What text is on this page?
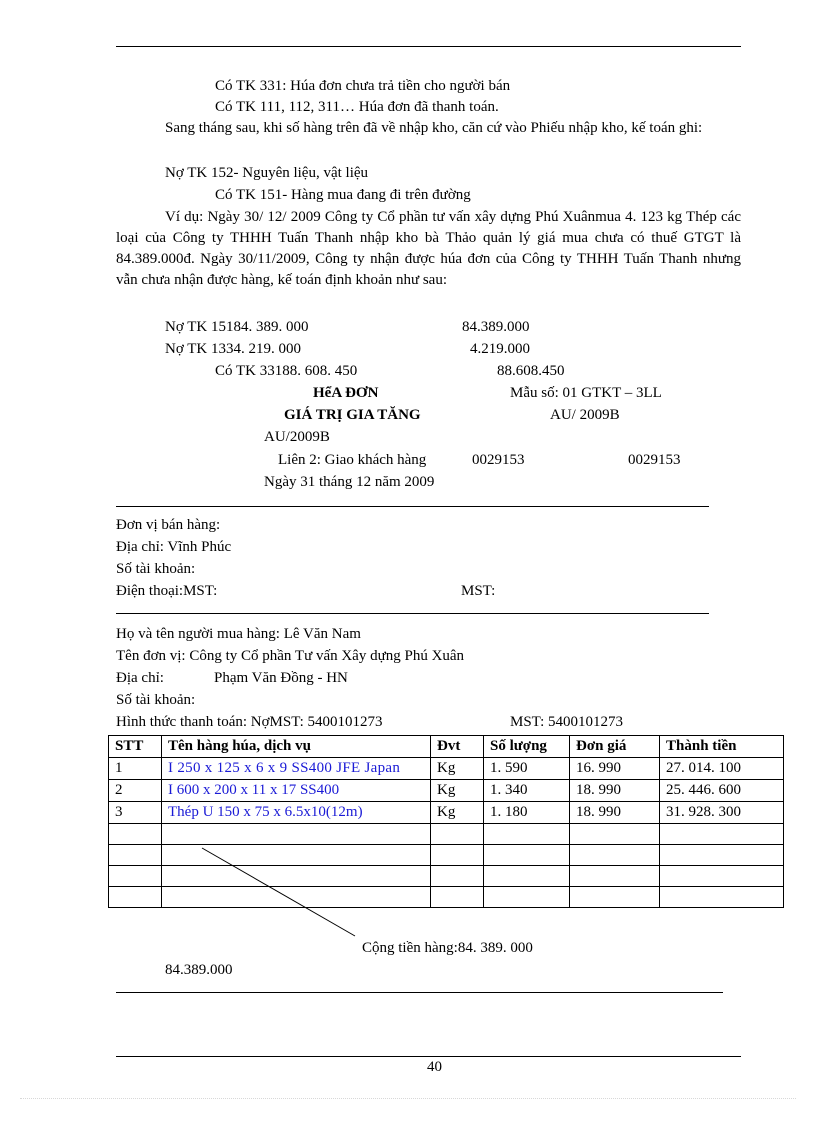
Có TK 331: Húa đơn chưa trả tiền cho người bán
Có TK 111, 112, 311… Húa đơn đã thanh toán.
Sang tháng sau, khi số hàng trên đã về nhập kho, căn cứ vào Phiếu nhập kho, kế toán ghi:
Nợ TK 152- Nguyên liệu, vật liệu
Có TK 151- Hàng mua đang đi trên đường
Ví dụ: Ngày 30/ 12/ 2009 Công ty Cổ phần tư vấn xây dựng Phú Xuânmua 4. 123 kg Thép các loại của Công ty THHH Tuấn Thanh nhập kho bà Thảo quản lý giá mua chưa có thuế GTGT là 84.389.000đ. Ngày 30/11/2009, Công ty nhận được húa đơn của Công ty THHH Tuấn Thanh nhưng vẫn chưa nhận được hàng, kế toán định khoản như sau:
Nợ TK 15184. 389. 000	84.389.000
Nợ TK 1334. 219. 000	4.219.000
Có TK 33188. 608. 450	88.608.450
HểA ĐƠN	Mẫu số: 01 GTKT – 3LL
GIÁ TRỊ GIA TĂNG	AU/ 2009B
AU/2009B
Liên 2: Giao khách hàng	0029153	0029153
Ngày 31 tháng 12 năm 2009
Đơn vị bán hàng:
Địa chỉ: Vĩnh Phúc
Số tài khoản:
Điện thoại:MST:	MST:
Họ và tên người mua hàng: Lê Văn Nam
Tên đơn vị: Công ty Cổ phần Tư vấn Xây dựng Phú Xuân
Địa chỉ:	Phạm Văn Đồng - HN
Số tài khoản:
Hình thức thanh toán: NợMST: 5400101273	MST: 5400101273
STT	Tên hàng húa, dịch vụ	Đvt	Số lượng	Đơn giá	Thành tiền
1	I 250 x 125 x 6 x 9 SS400 JFE Japan	Kg	1. 590	16. 990	27. 014. 100
2	I 600 x 200 x 11 x 17 SS400	Kg	1. 340	18. 990	25. 446. 600
3	Thép U 150 x 75 x 6.5x10(12m)	Kg	1. 180	18. 990	31. 928. 300

Cộng tiền hàng:84. 389. 000
84.389.000
40
